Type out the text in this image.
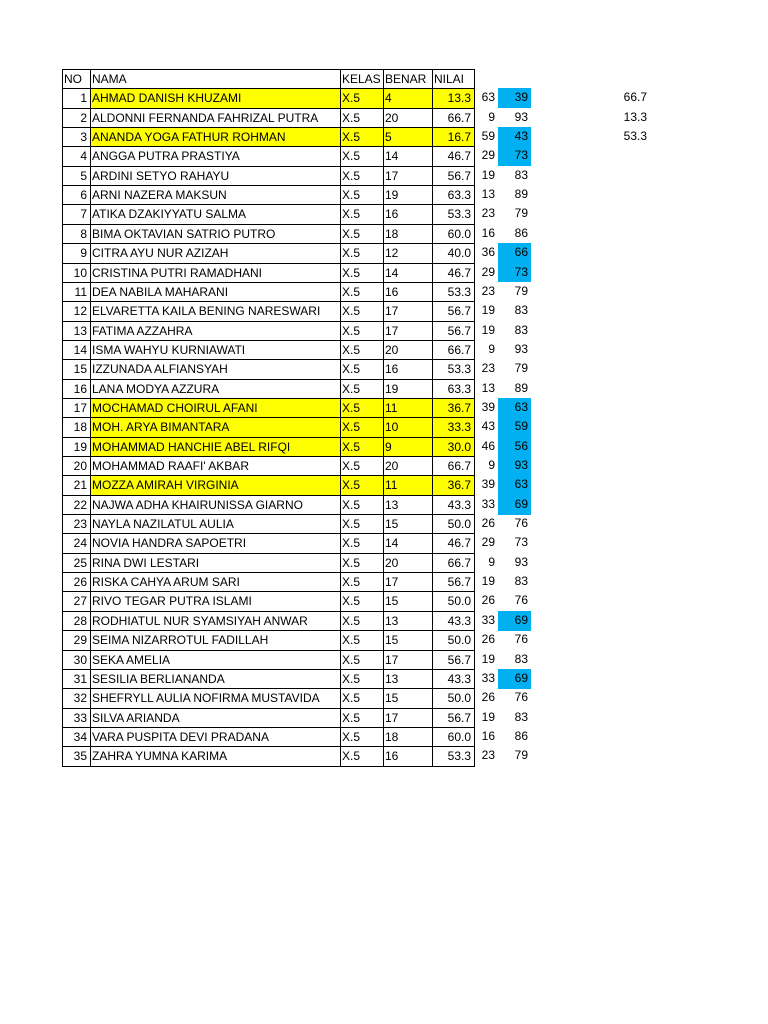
NO NAMA	KELAS BENAR NILAI
1 AHMAD DANISH KHUZAMI	X.5	4	13.3 63	39
2 ALDONNI FERNANDA FAHRIZAL PUTRA	X.5	20	66.7	9	93
3 ANANDA YOGA FATHUR ROHMAN	X.5	5	16.7 59	43
4 ANGGA PUTRA PRASTIYA	X.5	14	46.7 29	73
5 ARDINI SETYO RAHAYU	X.5	17	56.7 19	83
6 ARNI NAZERA MAKSUN	X.5	19	63.3 13	89
7 ATIKA DZAKIYYATU SALMA	X.5	16	53.3 23	79
8 BIMA OKTAVIAN SATRIO PUTRO	X.5	18	60.0 16	86
9 CITRA AYU NUR AZIZAH	X.5	12	40.0 36	66
10 CRISTINA PUTRI RAMADHANI	X.5	14	46.7 29	73
11 DEA NABILA MAHARANI	X.5	16	53.3 23	79
12 ELVARETTA KAILA BENING NARESWARI	X.5	17	56.7 19	83
13 FATIMA AZZAHRA	X.5	17	56.7 19	83
14 ISMA WAHYU KURNIAWATI	X.5	20	66.7	9	93
15 IZZUNADA ALFIANSYAH	X.5	16	53.3 23	79
16 LANA MODYA AZZURA	X.5	19	63.3 13	89
17 MOCHAMAD CHOIRUL AFANI	X.5	11	36.7 39	63
18 MOH. ARYA BIMANTARA	X.5	10	33.3 43	59
19 MOHAMMAD HANCHIE ABEL RIFQI	X.5	9	30.0 46	56
20 MOHAMMAD RAAFI' AKBAR	X.5	20	66.7	9	93
21 MOZZA AMIRAH VIRGINIA	X.5	11	36.7 39	63
22 NAJWA ADHA KHAIRUNISSA GIARNO	X.5	13	43.3 33	69
23 NAYLA NAZILATUL AULIA	X.5	15	50.0 26	76
24 NOVIA HANDRA SAPOETRI	X.5	14	46.7 29	73
25 RINA DWI LESTARI	X.5	20	66.7	9	93
26 RISKA CAHYA ARUM SARI	X.5	17	56.7 19	83
27 RIVO TEGAR PUTRA ISLAMI	X.5	15	50.0 26	76
28 RODHIATUL NUR SYAMSIYAH ANWAR	X.5	13	43.3 33	69
29 SEIMA NIZARROTUL FADILLAH	X.5	15	50.0 26	76
30 SEKA AMELIA	X.5	17	56.7 19	83
31 SESILIA BERLIANANDA	X.5	13	43.3 33	69
32 SHEFRYLL AULIA NOFIRMA MUSTAVIDA	X.5	15	50.0 26	76
33 SILVA ARIANDA	X.5	17	56.7 19	83
34 VARA PUSPITA DEVI PRADANA	X.5	18	60.0 16	86
35 ZAHRA YUMNA KARIMA	X.5	16	53.3 23	79
66.7
13.3
53.3
